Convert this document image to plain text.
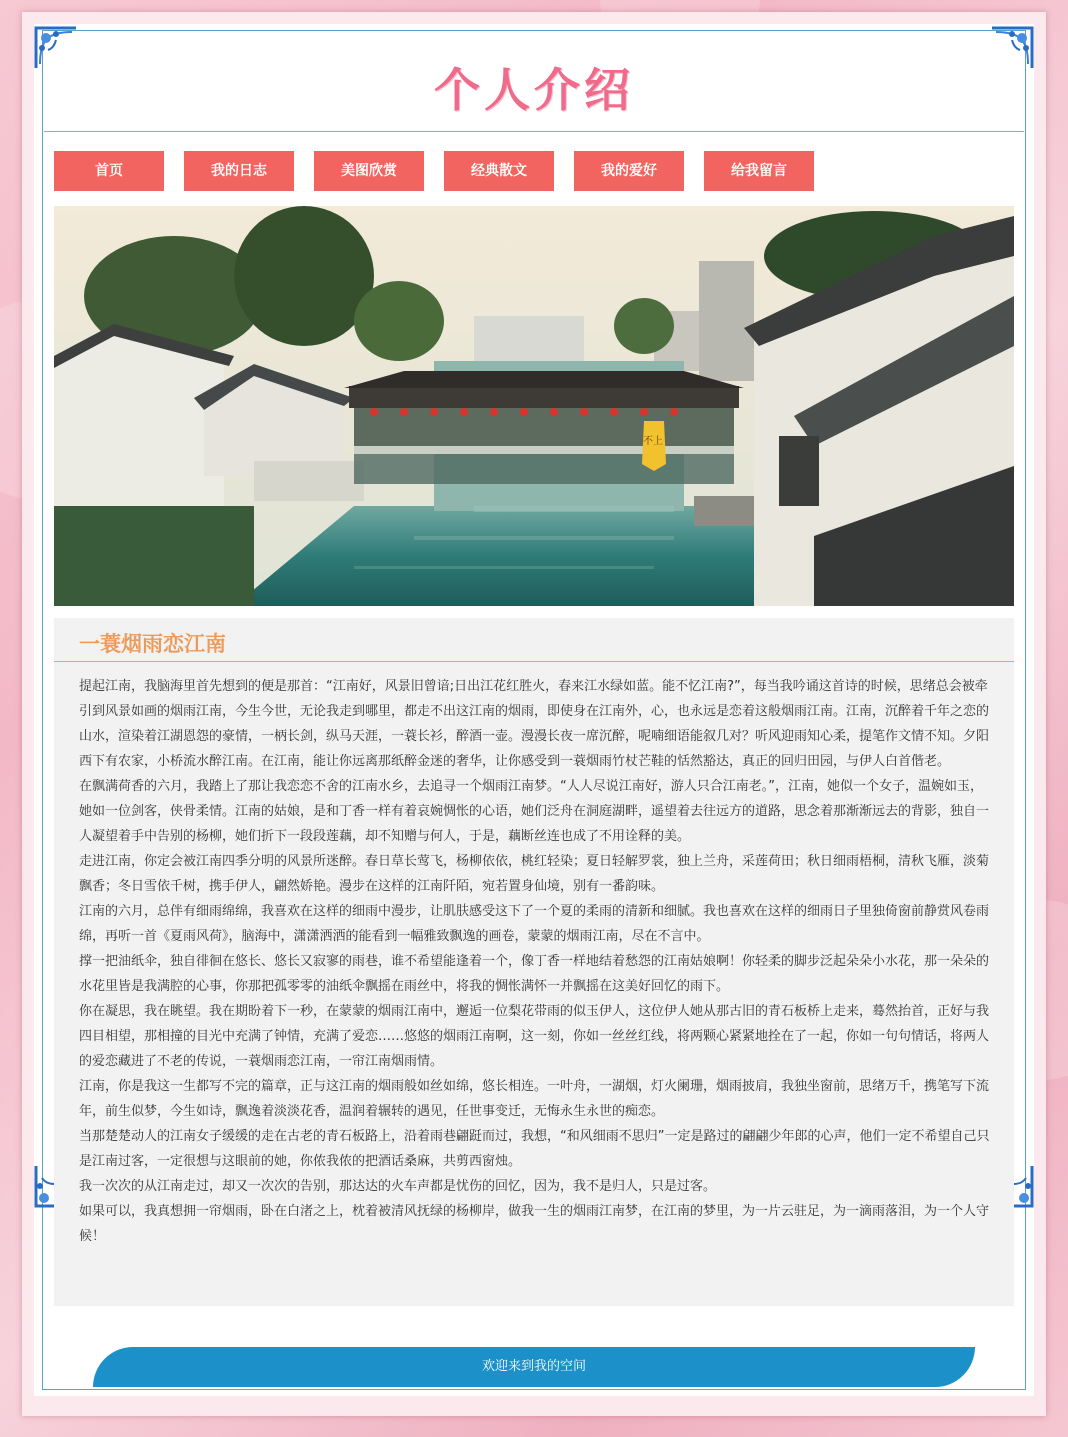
个人介绍
首页	我的日志	美图欣赏	经典散文	我的爱好	给我留言
不上
一蓑烟雨恋江南

提起江南，我脑海里首先想到的便是那首：“江南好，风景旧曾谙;日出江花红胜火，春来江水绿如蓝。能不忆江南?”，每当我吟诵这首诗的时候，思绪总会被牵引到风景如画的烟雨江南，今生今世，无论我走到哪里，都走不出这江南的烟雨，即使身在江南外，心，也永远是恋着这般烟雨江南。江南，沉醉着千年之恋的山水，渲染着江湖恩怨的豪情，一柄长剑，纵马天涯，一蓑长衫，醉酒一壶。漫漫长夜一席沉醉，呢喃细语能叙几对？听风迎雨知心柔，提笔作文情不知。夕阳西下有农家，小桥流水醉江南。在江南，能让你远离那纸醉金迷的奢华，让你感受到一蓑烟雨竹杖芒鞋的恬然豁达，真正的回归田园，与伊人白首偕老。

在飘满荷香的六月，我踏上了那让我恋恋不舍的江南水乡，去追寻一个烟雨江南梦。“人人尽说江南好，游人只合江南老。”，江南，她似一个女子，温婉如玉，她如一位剑客，侠骨柔情。江南的姑娘，是和丁香一样有着哀婉惆怅的心语，她们泛舟在洞庭湖畔，遥望着去往远方的道路，思念着那渐渐远去的背影，独自一人凝望着手中告别的杨柳，她们折下一段段莲藕，却不知赠与何人，于是，藕断丝连也成了不用诠释的美。

走进江南，你定会被江南四季分明的风景所迷醉。春日草长莺飞，杨柳依依，桃红轻染；夏日轻解罗裳，独上兰舟，采莲荷田；秋日细雨梧桐，清秋飞雁，淡菊飘香；冬日雪依千树，携手伊人，翩然娇艳。漫步在这样的江南阡陌，宛若置身仙境，别有一番韵味。

江南的六月，总伴有细雨绵绵，我喜欢在这样的细雨中漫步，让肌肤感受这下了一个夏的柔雨的清新和细腻。我也喜欢在这样的细雨日子里独倚窗前静赏风卷雨绵，再听一首《夏雨风荷》，脑海中，潇潇洒洒的能看到一幅雅致飘逸的画卷，蒙蒙的烟雨江南，尽在不言中。

撑一把油纸伞，独自徘徊在悠长、悠长又寂寥的雨巷，谁不希望能逢着一个，像丁香一样地结着愁怨的江南姑娘啊！你轻柔的脚步泛起朵朵小水花，那一朵朵的水花里皆是我满腔的心事，你那把孤零零的油纸伞飘摇在雨丝中，将我的惆怅满怀一并飘摇在这美好回忆的雨下。

你在凝思，我在眺望。我在期盼着下一秒，在蒙蒙的烟雨江南中，邂逅一位梨花带雨的似玉伊人，这位伊人她从那古旧的青石板桥上走来，蓦然抬首，正好与我四目相望，那相撞的目光中充满了钟情，充满了爱恋……悠悠的烟雨江南啊，这一刻，你如一丝丝红线，将两颗心紧紧地拴在了一起，你如一句句情话，将两人的爱恋藏进了不老的传说，一蓑烟雨恋江南，一帘江南烟雨情。

江南，你是我这一生都写不完的篇章，正与这江南的烟雨般如丝如绵，悠长相连。一叶舟，一湖烟，灯火阑珊，烟雨披肩，我独坐窗前，思绪万千，携笔写下流年，前生似梦，今生如诗，飘逸着淡淡花香，温润着辗转的遇见，任世事变迁，无悔永生永世的痴恋。

当那楚楚动人的江南女子缓缓的走在古老的青石板路上，沿着雨巷翩跹而过，我想，“和风细雨不思归”一定是路过的翩翩少年郎的心声，他们一定不希望自己只是江南过客，一定很想与这眼前的她，你侬我侬的把酒话桑麻，共剪西窗烛。

我一次次的从江南走过，却又一次次的告别，那达达的火车声都是忧伤的回忆，因为，我不是归人，只是过客。

如果可以，我真想拥一帘烟雨，卧在白渚之上，枕着被清风抚绿的杨柳岸，做我一生的烟雨江南梦，在江南的梦里，为一片云驻足，为一滴雨落泪，为一个人守候！

欢迎来到我的空间
